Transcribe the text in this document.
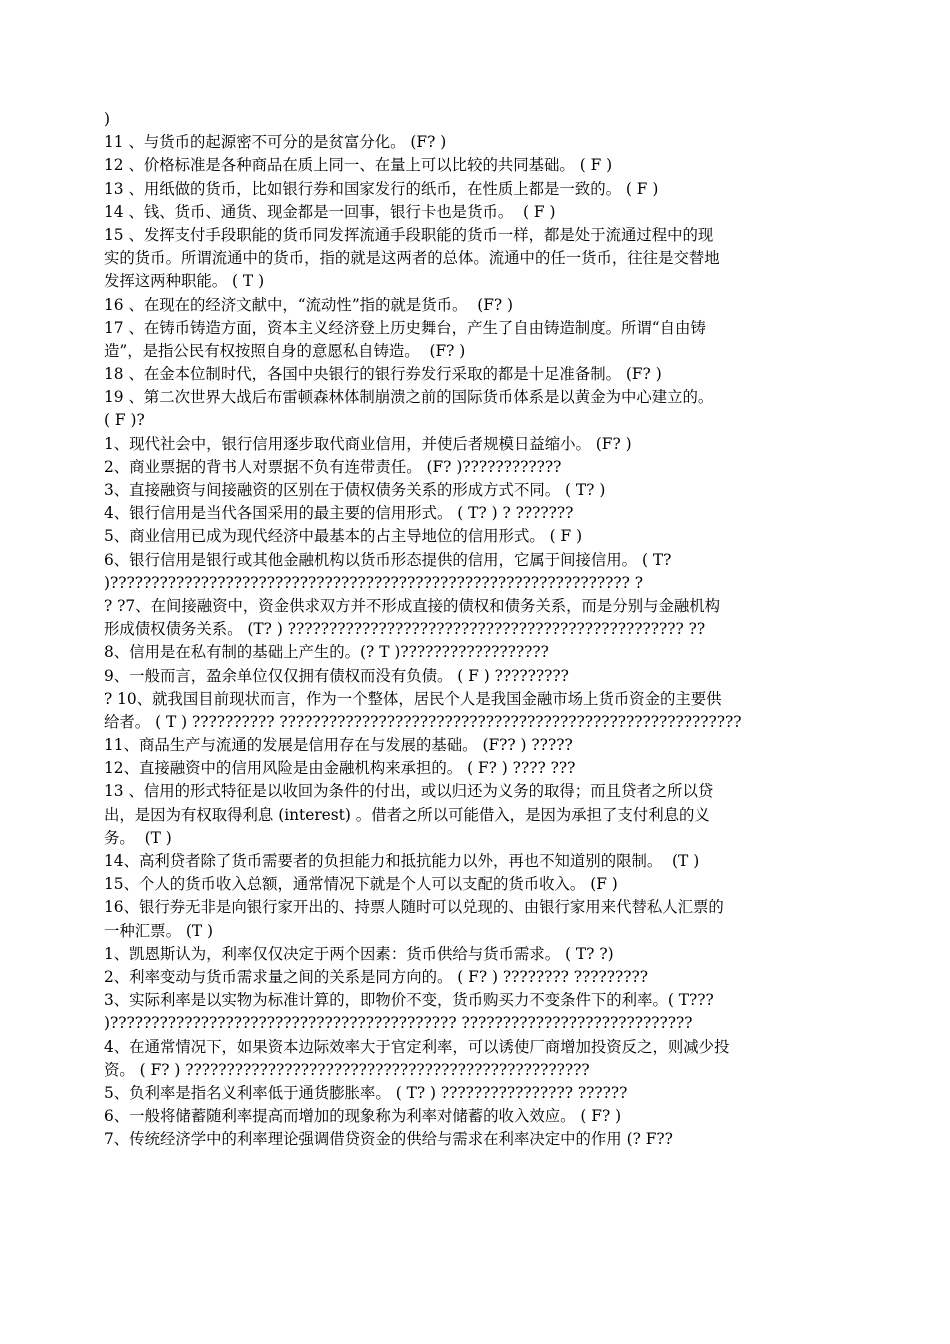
)
11 、与货币的起源密不可分的是贫富分化。 (F? )
12 、价格标准是各种商品在质上同一、在量上可以比较的共同基础。 ( F )
13 、用纸做的货币，比如银行券和国家发行的纸币，在性质上都是一致的。 ( F )
14 、钱、货币、通货、现金都是一回事，银行卡也是货币。  ( F )
15 、发挥支付手段职能的货币同发挥流通手段职能的货币一样，都是处于流通过程中的现
实的货币。所谓流通中的货币，指的就是这两者的总体。流通中的任一货币，往往是交替地
发挥这两种职能。 ( T )
16 、在现在的经济文献中，“流动性”指的就是货币。  (F? )
17 、在铸币铸造方面，资本主义经济登上历史舞台，产生了自由铸造制度。所谓“自由铸
造”，是指公民有权按照自身的意愿私自铸造。  (F? )
18 、在金本位制时代，各国中央银行的银行券发行采取的都是十足准备制。 (F? )
19 、第二次世界大战后布雷顿森林体制崩溃之前的国际货币体系是以黄金为中心建立的。
( F )?
1、现代社会中，银行信用逐步取代商业信用，并使后者规模日益缩小。 (F? )
2、商业票据的背书人对票据不负有连带责任。 (F? )????????????
3、直接融资与间接融资的区别在于债权债务关系的形成方式不同。 ( T? )
4、银行信用是当代各国采用的最主要的信用形式。 ( T? ) ? ???????
5、商业信用已成为现代经济中最基本的占主导地位的信用形式。 ( F )
6、银行信用是银行或其他金融机构以货币形态提供的信用，它属于间接信用。 ( T?
)??????????????????????????????????????????????????????????????? ?
? ?7、在间接融资中，资金供求双方并不形成直接的债权和债务关系，而是分别与金融机构
形成债权债务关系。 (T? ) ???????????????????????????????????????????????? ??
8、信用是在私有制的基础上产生的。(? T )??????????????????
9、一般而言，盈余单位仅仅拥有债权而没有负债。 ( F ) ?????????
? 10、就我国目前现状而言，作为一个整体，居民个人是我国金融市场上货币资金的主要供
给者。 ( T ) ?????????? ????????????????????????????????????????????????????????
11、商品生产与流通的发展是信用存在与发展的基础。 (F?? ) ?????
12、直接融资中的信用风险是由金融机构来承担的。 ( F? ) ???? ???
13 、信用的形式特征是以收回为条件的付出，或以归还为义务的取得；而且贷者之所以贷
出，是因为有权取得利息 (interest) 。借者之所以可能借入，是因为承担了支付利息的义
务。  (T )
14、高利贷者除了货币需要者的负担能力和抵抗能力以外，再也不知道别的限制。  (T )
15、个人的货币收入总额，通常情况下就是个人可以支配的货币收入。 (F )
16、银行券无非是向银行家开出的、持票人随时可以兑现的、由银行家用来代替私人汇票的
一种汇票。 (T )
1、凯恩斯认为，利率仅仅决定于两个因素：货币供给与货币需求。 ( T? ?)
2、利率变动与货币需求量之间的关系是同方向的。 ( F? ) ???????? ?????????
3、实际利率是以实物为标准计算的，即物价不变，货币购买力不变条件下的利率。( T???
)?????????????????????????????????????????? ????????????????????????????
4、在通常情况下，如果资本边际效率大于官定利率，可以诱使厂商增加投资反之，则减少投
资。 ( F? ) ?????????????????????????????????????????????????
5、负利率是指名义利率低于通货膨胀率。 ( T? ) ???????????????? ??????
6、一般将储蓄随利率提高而增加的现象称为利率对储蓄的收入效应。 ( F? )
7、传统经济学中的利率理论强调借贷资金的供给与需求在利率决定中的作用 (? F??
